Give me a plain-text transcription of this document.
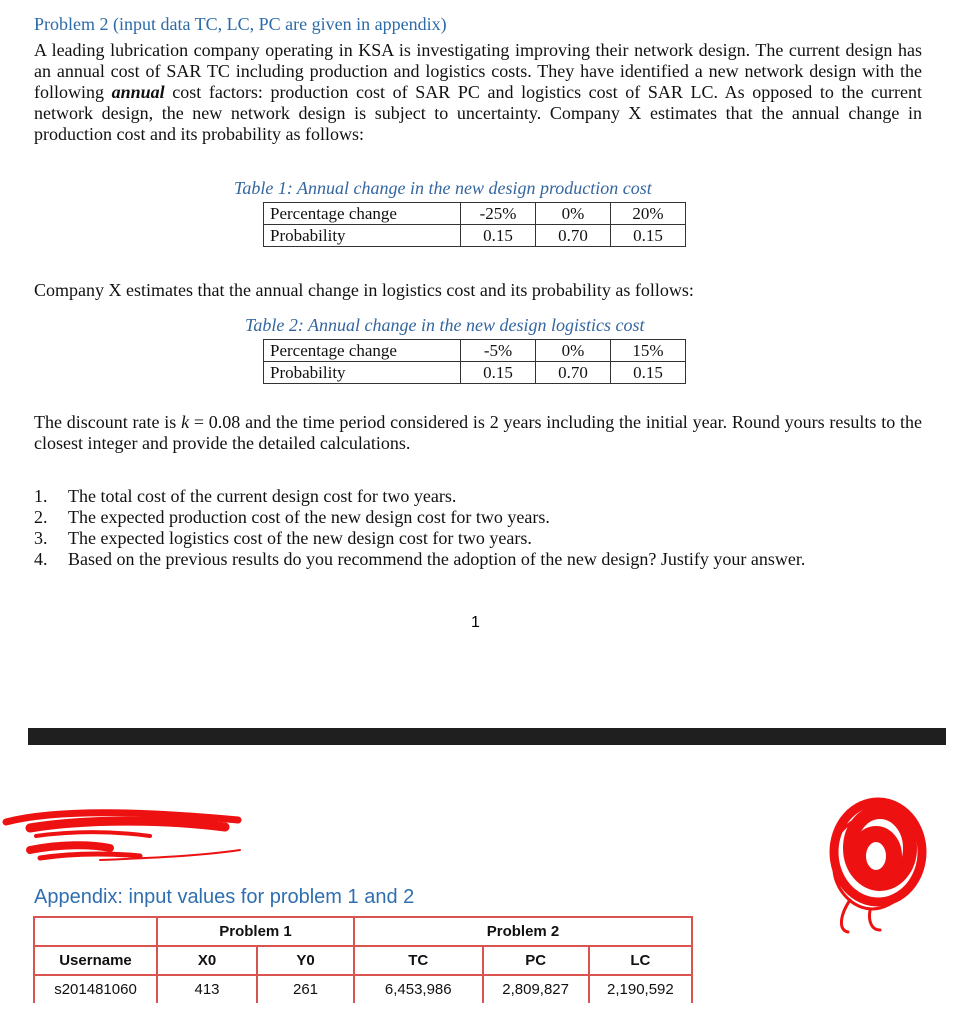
Problem 2 (input data TC, LC, PC are given in appendix)
A leading lubrication company operating in KSA is investigating improving their network design. The current design has an annual cost of SAR TC including production and logistics costs. They have identified a new network design with the following annual cost factors: production cost of SAR PC and logistics cost of SAR LC. As opposed to the current network design, the new network design is subject to uncertainty. Company X estimates that the annual change in production cost and its probability as follows:
Table 1: Annual change in the new design production cost
Percentage change	-25%	0%	20%
Probability	0.15	0.70	0.15
Company X estimates that the annual change in logistics cost and its probability as follows:
Table 2: Annual change in the new design logistics cost
Percentage change	-5%	0%	15%
Probability	0.15	0.70	0.15
The discount rate is k = 0.08 and the time period considered is 2 years including the initial year. Round yours results to the closest integer and provide the detailed calculations.
1.	The total cost of the current design cost for two years.
2.	The expected production cost of the new design cost for two years.
3.	The expected logistics cost of the new design cost for two years.
4.	Based on the previous results do you recommend the adoption of the new design? Justify your answer.
1
Appendix: input values for problem 1 and 2
	Problem 1		Problem 2		
Username	X0	Y0	TC	PC	LC
s201481060	413	261	6,453,986	2,809,827	2,190,592
